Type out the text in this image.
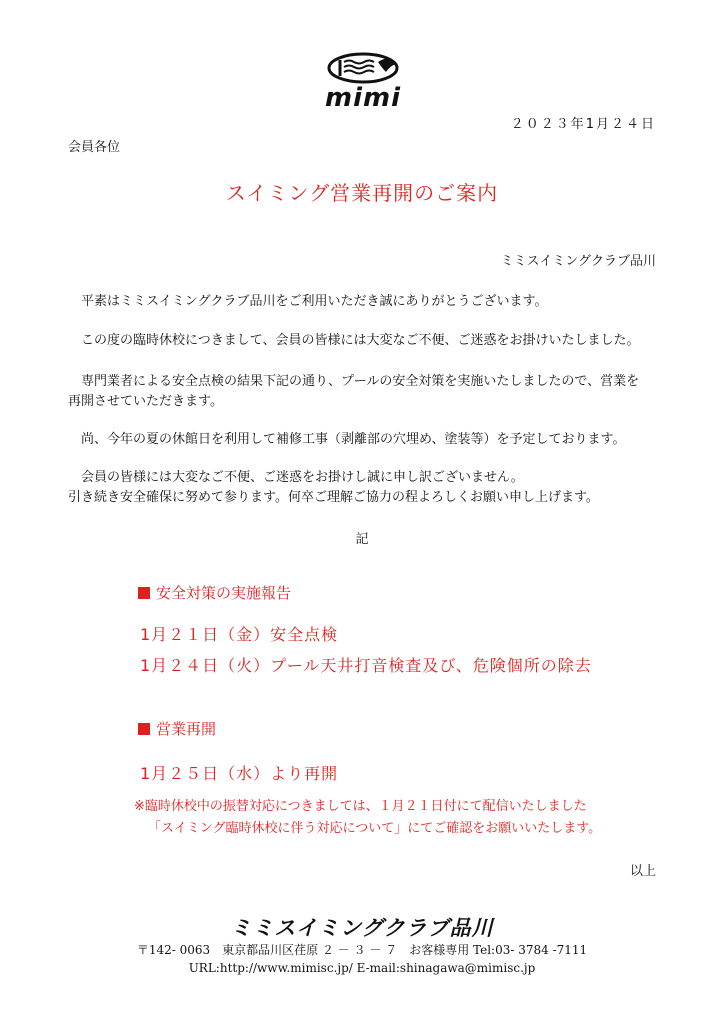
mimi
２０２３年1月２４日
会員各位
スイミング営業再開のご案内
ミミスイミングクラブ品川
平素はミミスイミングクラブ品川をご利用いただき誠にありがとうございます。
この度の臨時休校につきまして、会員の皆様には大変なご不便、ご迷惑をお掛けいたしました。
専門業者による安全点検の結果下記の通り、プールの安全対策を実施いたしましたので、営業を
再開させていただきます。
尚、今年の夏の休館日を利用して補修工事（剥離部の穴埋め、塗装等）を予定しております。
会員の皆様には大変なご不便、ご迷惑をお掛けし誠に申し訳ございません。
引き続き安全確保に努めて参ります。何卒ご理解ご協力の程よろしくお願い申し上げます。
記
安全対策の実施報告
1月２１日（金）安全点検
1月２４日（火）プール天井打音検査及び、危険個所の除去
営業再開
1月２５日（水）より再開
※臨時休校中の振替対応につきましては、１月２１日付にて配信いたしました
「スイミング臨時休校に伴う対応について」にてご確認をお願いいたします。
以上
ミミスイミングクラブ品川
〒142- 0063　東京都品川区荏原 ２ － ３ － ７　お客様専用 Tel:03- 3784 -7111
URL:http://www.mimisc.jp/ E-mail:shinagawa@mimisc.jp
